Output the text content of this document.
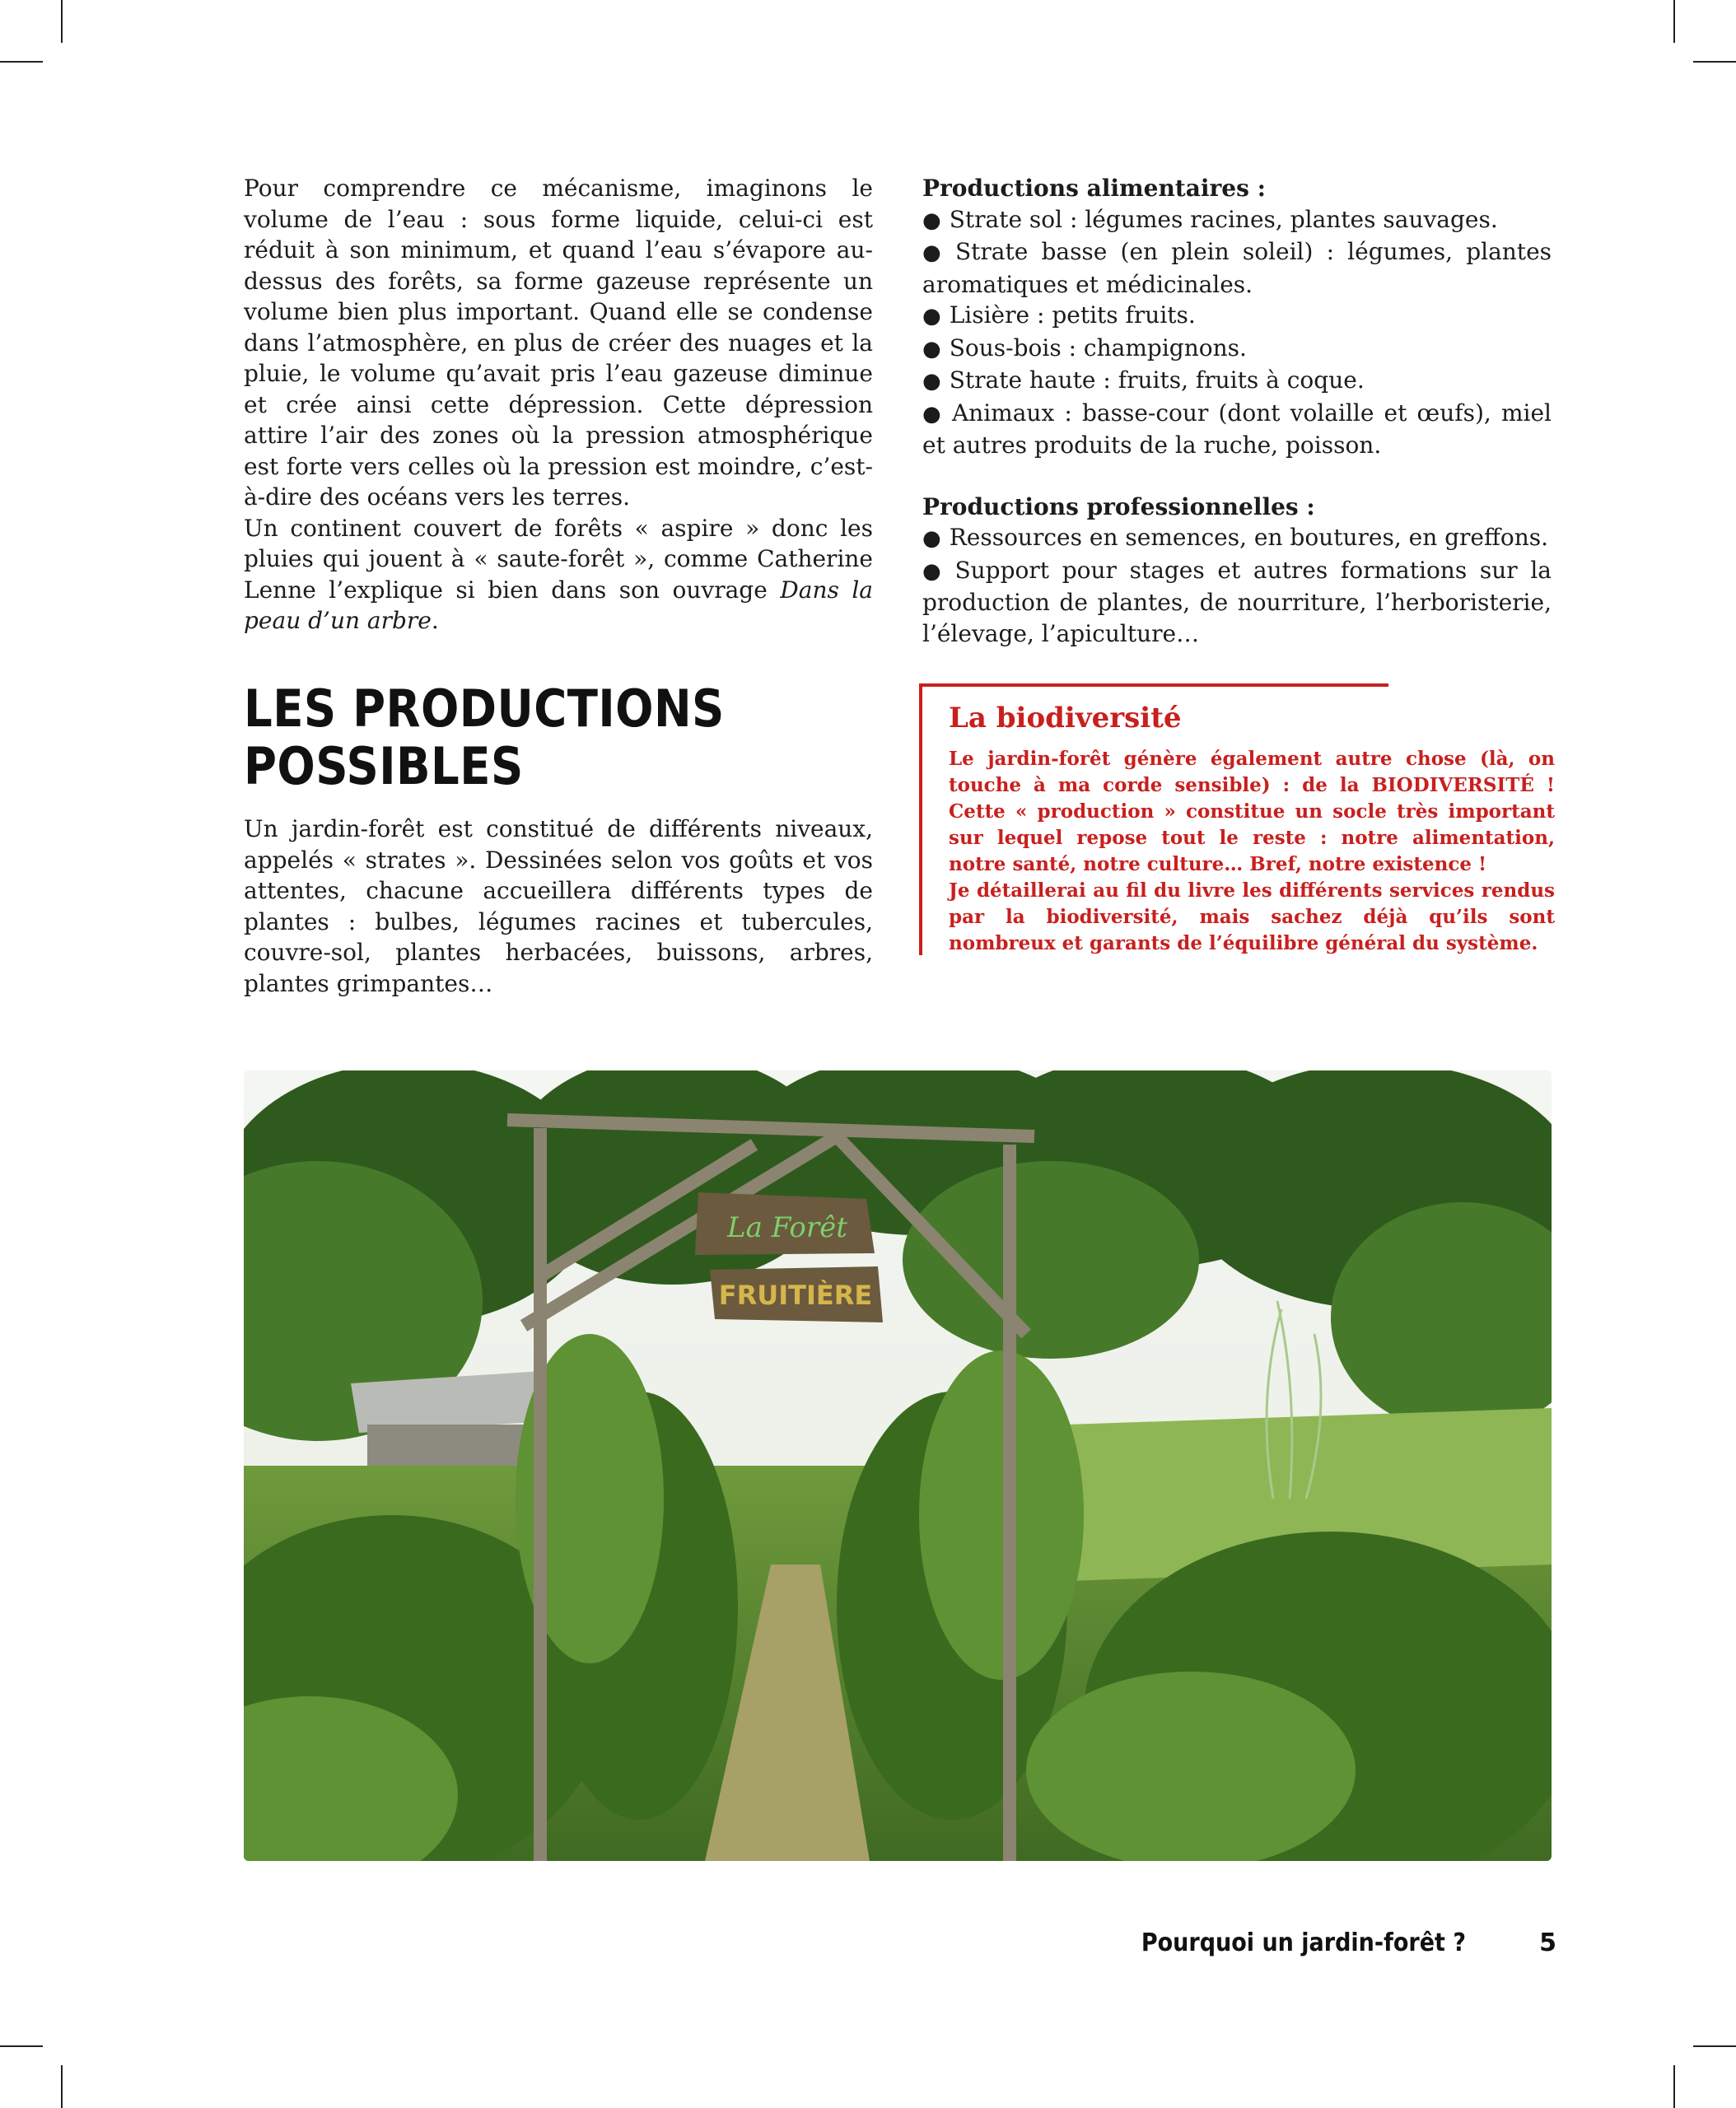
Pour comprendre ce mécanisme, imaginons le volume de l’eau : sous forme liquide, celui-ci est réduit à son minimum, et quand l’eau s’évapore au-dessus des forêts, sa forme gazeuse représente un volume bien plus important. Quand elle se condense dans l’atmosphère, en plus de créer des nuages et la pluie, le volume qu’avait pris l’eau gazeuse diminue et crée ainsi cette dépression. Cette dépression attire l’air des zones où la pression atmosphérique est forte vers celles où la pression est moindre, c’est-à-dire des océans vers les terres.

Un continent couvert de forêts « aspire » donc les pluies qui jouent à « saute-forêt », comme Catherine Lenne l’explique si bien dans son ouvrage Dans la peau d’un arbre.

Productions alimentaires :

● Strate sol : légumes racines, plantes sauvages.
● Strate basse (en plein soleil) : légumes, plantes aromatiques et médicinales.
● Lisière : petits fruits.
● Sous-bois : champignons.
● Strate haute : fruits, fruits à coque.
● Animaux : basse-cour (dont volaille et œufs), miel et autres produits de la ruche, poisson.

Productions professionnelles :

● Ressources en semences, en boutures, en greffons.
● Support pour stages et autres formations sur la production de plantes, de nourriture, l’herboristerie, l’élevage, l’apiculture…
LES PRODUCTIONS
POSSIBLES

Un jardin-forêt est constitué de différents niveaux, appelés « strates ». Dessinées selon vos goûts et vos attentes, chacune accueillera différents types de plantes : bulbes, légumes racines et tubercules, couvre-sol, plantes herbacées, buissons, arbres, plantes grimpantes…

La biodiversité

Le jardin-forêt génère également autre chose (là, on touche à ma corde sensible) : de la BIODIVERSITÉ ! Cette « production » constitue un socle très important sur lequel repose tout le reste : notre alimentation, notre santé, notre culture… Bref, notre existence !

Je détaillerai au fil du livre les différents services rendus par la biodiversité, mais sachez déjà qu’ils sont nombreux et garants de l’équilibre général du système.

La Forêt
FRUITIÈRE
Pourquoi un jardin-forêt ?	5
